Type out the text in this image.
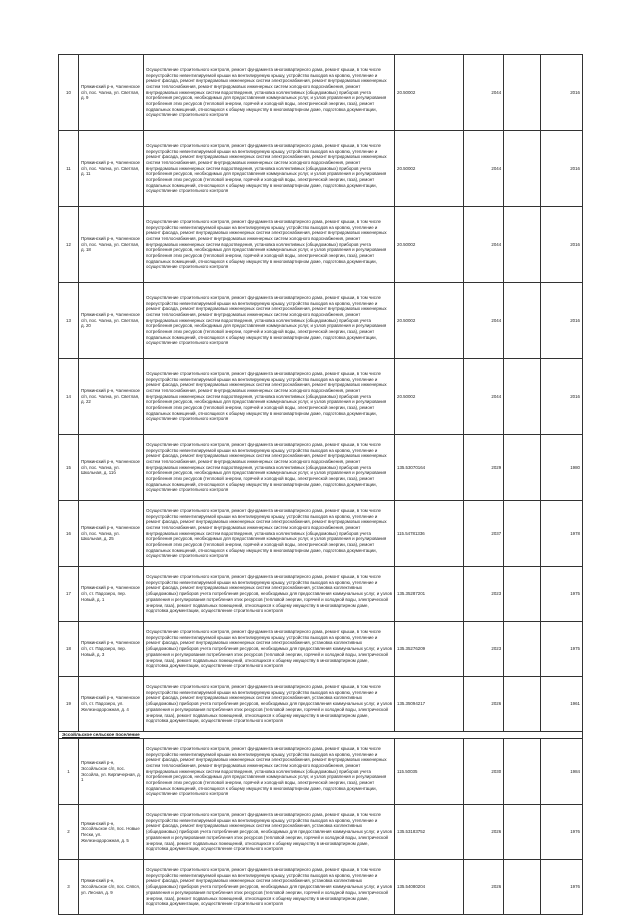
10	Пряжинский р-н, Чалненское с/п, пос. Чална, ул. Светлая, д. 9	Осуществление строительного контроля, ремонт фундамента многоквартирного дома, ремонт крыши, в том числе переустройство невентилируемой крыши на вентилируемую крышу, устройство выходов на кровлю, утепление и ремонт фасада, ремонт внутридомовых инженерных систем электроснабжения, ремонт внутридомовых инженерных систем теплоснабжения, ремонт внутридомовых инженерных систем холодного водоснабжения, ремонт внутридомовых инженерных систем водоотведения, установка коллективных (общедомовых) приборов учета потребления ресурсов, необходимых для предоставления коммунальных услуг, и узлов управления и регулирования потребления этих ресурсов (тепловой энергии, горячей и холодной воды, электрической энергии, газа), ремонт подвальных помещений, относящихся к общему имуществу в многоквартирном доме, подготовка документации, осуществление строительного контроля	20.50002	2044		2016
11	Пряжинский р-н, Чалненское с/п, пос. Чална, ул. Светлая, д. 11	Осуществление строительного контроля, ремонт фундамента многоквартирного дома, ремонт крыши, в том числе переустройство невентилируемой крыши на вентилируемую крышу, устройство выходов на кровлю, утепление и ремонт фасада, ремонт внутридомовых инженерных систем электроснабжения, ремонт внутридомовых инженерных систем теплоснабжения, ремонт внутридомовых инженерных систем холодного водоснабжения, ремонт внутридомовых инженерных систем водоотведения, установка коллективных (общедомовых) приборов учета потребления ресурсов, необходимых для предоставления коммунальных услуг, и узлов управления и регулирования потребления этих ресурсов (тепловой энергии, горячей и холодной воды, электрической энергии, газа), ремонт подвальных помещений, относящихся к общему имуществу в многоквартирном доме, подготовка документации, осуществление строительного контроля	20.50002	2044		2016
12	Пряжинский р-н, Чалненское с/п, пос. Чална, ул. Светлая, д. 18	Осуществление строительного контроля, ремонт фундамента многоквартирного дома, ремонт крыши, в том числе переустройство невентилируемой крыши на вентилируемую крышу, устройство выходов на кровлю, утепление и ремонт фасада, ремонт внутридомовых инженерных систем электроснабжения, ремонт внутридомовых инженерных систем теплоснабжения, ремонт внутридомовых инженерных систем холодного водоснабжения, ремонт внутридомовых инженерных систем водоотведения, установка коллективных (общедомовых) приборов учета потребления ресурсов, необходимых для предоставления коммунальных услуг, и узлов управления и регулирования потребления этих ресурсов (тепловой энергии, горячей и холодной воды, электрической энергии, газа), ремонт подвальных помещений, относящихся к общему имуществу в многоквартирном доме, подготовка документации, осуществление строительного контроля	20.50002	2044		2016
13	Пряжинский р-н, Чалненское с/п, пос. Чална, ул. Светлая, д. 20	Осуществление строительного контроля, ремонт фундамента многоквартирного дома, ремонт крыши, в том числе переустройство невентилируемой крыши на вентилируемую крышу, устройство выходов на кровлю, утепление и ремонт фасада, ремонт внутридомовых инженерных систем электроснабжения, ремонт внутридомовых инженерных систем теплоснабжения, ремонт внутридомовых инженерных систем холодного водоснабжения, ремонт внутридомовых инженерных систем водоотведения, установка коллективных (общедомовых) приборов учета потребления ресурсов, необходимых для предоставления коммунальных услуг, и узлов управления и регулирования потребления этих ресурсов (тепловой энергии, горячей и холодной воды, электрической энергии, газа), ремонт подвальных помещений, относящихся к общему имуществу в многоквартирном доме, подготовка документации, осуществление строительного контроля	20.50002	2044		2016
14	Пряжинский р-н, Чалненское с/п, пос. Чална, ул. Светлая, д. 22	Осуществление строительного контроля, ремонт фундамента многоквартирного дома, ремонт крыши, в том числе переустройство невентилируемой крыши на вентилируемую крышу, устройство выходов на кровлю, утепление и ремонт фасада, ремонт внутридомовых инженерных систем электроснабжения, ремонт внутридомовых инженерных систем теплоснабжения, ремонт внутридомовых инженерных систем холодного водоснабжения, ремонт внутридомовых инженерных систем водоотведения, установка коллективных (общедомовых) приборов учета потребления ресурсов, необходимых для предоставления коммунальных услуг, и узлов управления и регулирования потребления этих ресурсов (тепловой энергии, горячей и холодной воды, электрической энергии, газа), ремонт подвальных помещений, относящихся к общему имуществу в многоквартирном доме, подготовка документации, осуществление строительного контроля	20.50002	2044		2016
15	Пряжинский р-н, Чалненское с/п, пос. Чална, ул. Школьная, д. 11б	Осуществление строительного контроля, ремонт фундамента многоквартирного дома, ремонт крыши, в том числе переустройство невентилируемой крыши на вентилируемую крышу, устройство выходов на кровлю, утепление и ремонт фасада, ремонт внутридомовых инженерных систем электроснабжения, ремонт внутридомовых инженерных систем теплоснабжения, ремонт внутридомовых инженерных систем холодного водоснабжения, ремонт внутридомовых инженерных систем водоотведения, установка коллективных (общедомовых) приборов учета потребления ресурсов, необходимых для предоставления коммунальных услуг, и узлов управления и регулирования потребления этих ресурсов (тепловой энергии, горячей и холодной воды, электрической энергии, газа), ремонт подвальных помещений, относящихся к общему имуществу в многоквартирном доме, подготовка документации, осуществление строительного контроля	135.53070164	2029		1980
16	Пряжинский р-н, Чалненское с/п, пос. Чална, ул. Школьная, д. 25	Осуществление строительного контроля, ремонт фундамента многоквартирного дома, ремонт крыши, в том числе переустройство невентилируемой крыши на вентилируемую крышу, устройство выходов на кровлю, утепление и ремонт фасада, ремонт внутридомовых инженерных систем электроснабжения, ремонт внутридомовых инженерных систем теплоснабжения, ремонт внутридомовых инженерных систем холодного водоснабжения, ремонт внутридомовых инженерных систем водоотведения, установка коллективных (общедомовых) приборов учета потребления ресурсов, необходимых для предоставления коммунальных услуг, и узлов управления и регулирования потребления этих ресурсов (тепловой энергии, горячей и холодной воды, электрической энергии, газа), ремонт подвальных помещений, относящихся к общему имуществу в многоквартирном доме, подготовка документации, осуществление строительного контроля	115.54781336	2037		1978
17	Пряжинский р-н, Чалненское с/п, ст. Падозеро, пер. Новый, д. 1	Осуществление строительного контроля, ремонт фундамента многоквартирного дома, ремонт крыши, в том числе переустройство невентилируемой крыши на вентилируемую крышу, устройство выходов на кровлю, утепление и ремонт фасада, ремонт внутридомовых инженерных систем электроснабжения, установка коллективных (общедомовых) приборов учета потребления ресурсов, необходимых для предоставления коммунальных услуг, и узлов управления и регулирования потребления этих ресурсов (тепловой энергии, горячей и холодной воды, электрической энергии, газа), ремонт подвальных помещений, относящихся к общему имуществу в многоквартирном доме, подготовка документации, осуществление строительного контроля	135.35287201	2023		1975
18	Пряжинский р-н, Чалненское с/п, ст. Падозеро, пер. Новый, д. 3	Осуществление строительного контроля, ремонт фундамента многоквартирного дома, ремонт крыши, в том числе переустройство невентилируемой крыши на вентилируемую крышу, устройство выходов на кровлю, утепление и ремонт фасада, ремонт внутридомовых инженерных систем электроснабжения, установка коллективных (общедомовых) приборов учета потребления ресурсов, необходимых для предоставления коммунальных услуг, и узлов управления и регулирования потребления этих ресурсов (тепловой энергии, горячей и холодной воды, электрической энергии, газа), ремонт подвальных помещений, относящихся к общему имуществу в многоквартирном доме, подготовка документации, осуществление строительного контроля	135.35276209	2023		1975
19	Пряжинский р-н, Чалненское с/п, ст. Падозеро, ул. Железнодорожная, д. 4	Осуществление строительного контроля, ремонт фундамента многоквартирного дома, ремонт крыши, в том числе переустройство невентилируемой крыши на вентилируемую крышу, устройство выходов на кровлю, утепление и ремонт фасада, ремонт внутридомовых инженерных систем электроснабжения, установка коллективных (общедомовых) приборов учета потребления ресурсов, необходимых для предоставления коммунальных услуг, и узлов управления и регулирования потребления этих ресурсов (тепловой энергии, горячей и холодной воды, электрической энергии, газа), ремонт подвальных помещений, относящихся к общему имуществу в многоквартирном доме, подготовка документации, осуществление строительного контроля	135.35094217	2026		1961
Эссойльское сельское поселение						
1	Пряжинский р-н, Эссойльское с/п, пос. Эссойла, ул. Кирпичерная, д. 1	Осуществление строительного контроля, ремонт фундамента многоквартирного дома, ремонт крыши, в том числе переустройство невентилируемой крыши на вентилируемую крышу, устройство выходов на кровлю, утепление и ремонт фасада, ремонт внутридомовых инженерных систем электроснабжения, ремонт внутридомовых инженерных систем теплоснабжения, ремонт внутридомовых инженерных систем холодного водоснабжения, ремонт внутридомовых инженерных систем водоотведения, установка коллективных (общедомовых) приборов учета потребления ресурсов, необходимых для предоставления коммунальных услуг, и узлов управления и регулирования потребления этих ресурсов (тепловой энергии, горячей и холодной воды, электрической энергии, газа), ремонт подвальных помещений, относящихся к общему имуществу в многоквартирном доме, подготовка документации, осуществление строительного контроля	115.50035	2030		1984
2	Пряжинский р-н, Эссойльское с/п, пос. Новые Пески, ул. Железнодорожная, д. 5	Осуществление строительного контроля, ремонт фундамента многоквартирного дома, ремонт крыши, в том числе переустройство невентилируемой крыши на вентилируемую крышу, устройство выходов на кровлю, утепление и ремонт фасада, ремонт внутридомовых инженерных систем электроснабжения, установка коллективных (общедомовых) приборов учета потребления ресурсов, необходимых для предоставления коммунальных услуг, и узлов управления и регулирования потребления этих ресурсов (тепловой энергии, горячей и холодной воды, электрической энергии, газа), ремонт подвальных помещений, относящихся к общему имуществу в многоквартирном доме, подготовка документации, осуществление строительного контроля	135.53183752	2026		1976
3	Пряжинский р-н, Эссойльское с/п, пос. Сяпся, ул. Лесная, д. 9	Осуществление строительного контроля, ремонт фундамента многоквартирного дома, ремонт крыши, в том числе переустройство невентилируемой крыши на вентилируемую крышу, устройство выходов на кровлю, утепление и ремонт фасада, ремонт внутридомовых инженерных систем электроснабжения, установка коллективных (общедомовых) приборов учета потребления ресурсов, необходимых для предоставления коммунальных услуг, и узлов управления и регулирования потребления этих ресурсов (тепловой энергии, горячей и холодной воды, электрической энергии, газа), ремонт подвальных помещений, относящихся к общему имуществу в многоквартирном доме, подготовка документации, осуществление строительного контроля	135.54080204	2026		1976
